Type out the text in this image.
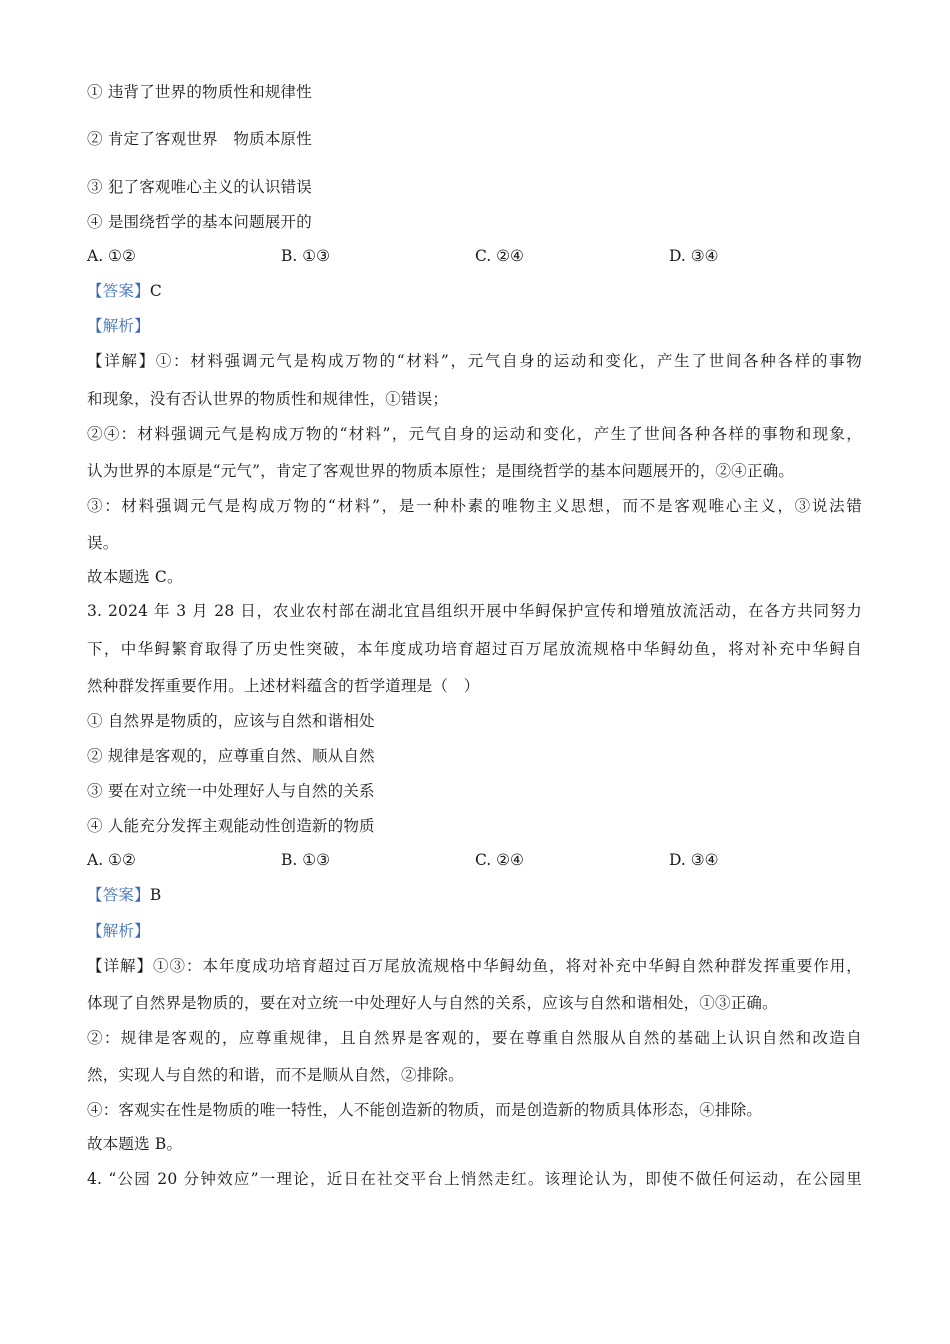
① 违背了世界的物质性和规律性
② 肯定了客观世界　物质本原性
③ 犯了客观唯心主义的认识错误
④ 是围绕哲学的基本问题展开的
A. ①②	B. ①③	C. ②④	D. ③④
【答案】C
【解析】
【详解】①：材料强调元气是构成万物的“材料”，元气自身的运动和变化，产生了世间各种各样的事物
和现象，没有否认世界的物质性和规律性，①错误；
②④：材料强调元气是构成万物的“材料”，元气自身的运动和变化，产生了世间各种各样的事物和现象，
认为世界的本原是“元气”，肯定了客观世界的物质本原性；是围绕哲学的基本问题展开的，②④正确。
③：材料强调元气是构成万物的“材料”，是一种朴素的唯物主义思想，而不是客观唯心主义，③说法错
误。
故本题选 C。
3. 2024 年 3 月 28 日，农业农村部在湖北宜昌组织开展中华鲟保护宣传和增殖放流活动，在各方共同努力
下，中华鲟繁育取得了历史性突破，本年度成功培育超过百万尾放流规格中华鲟幼鱼，将对补充中华鲟自
然种群发挥重要作用。上述材料蕴含的哲学道理是（　）
① 自然界是物质的，应该与自然和谐相处
② 规律是客观的，应尊重自然、顺从自然
③ 要在对立统一中处理好人与自然的关系
④ 人能充分发挥主观能动性创造新的物质
A. ①②	B. ①③	C. ②④	D. ③④
【答案】B
【解析】
【详解】①③：本年度成功培育超过百万尾放流规格中华鲟幼鱼，将对补充中华鲟自然种群发挥重要作用，
体现了自然界是物质的，要在对立统一中处理好人与自然的关系，应该与自然和谐相处，①③正确。
②：规律是客观的，应尊重规律，且自然界是客观的，要在尊重自然服从自然的基础上认识自然和改造自
然，实现人与自然的和谐，而不是顺从自然，②排除。
④：客观实在性是物质的唯一特性，人不能创造新的物质，而是创造新的物质具体形态，④排除。
故本题选 B。
4. “公园 20 分钟效应”一理论，近日在社交平台上悄然走红。该理论认为，即使不做任何运动，在公园里
